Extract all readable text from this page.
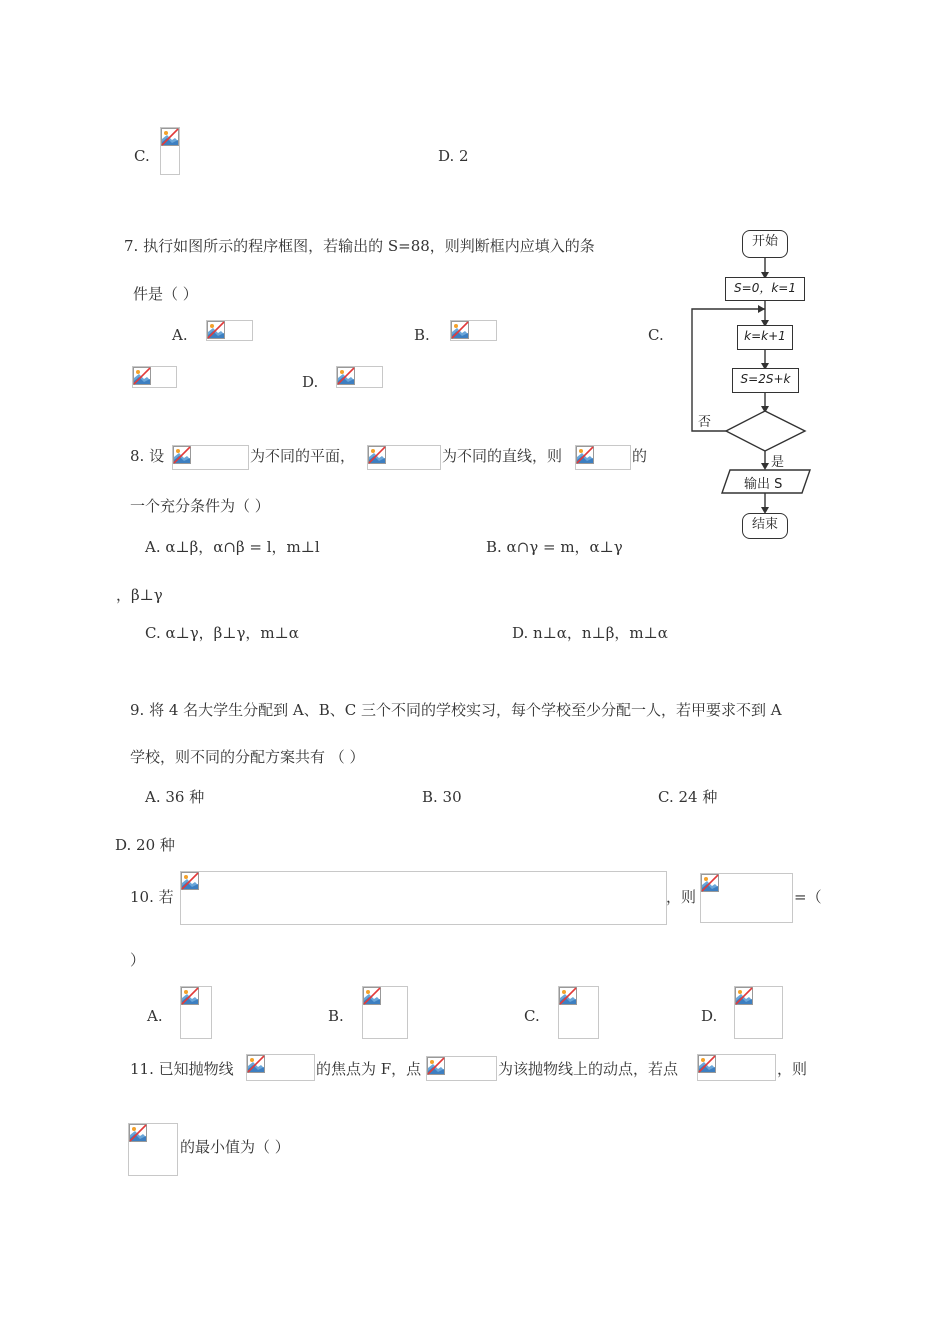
C.	D. 2
7. 执行如图所示的程序框图，若输出的 S=88，则判断框内应填入的条
件是（ ）
A.	B.	C.
D.
开始
S=0，k=1
k=k+1
S=2S+k
否
是
输出 S
结束
8. 设	为不同的平面，	为不同的直线，则	的
一个充分条件为（ ）
A. α⊥β，α∩β = l，m⊥l	B. α∩γ = m，α⊥γ
，β⊥γ
C. α⊥γ，β⊥γ，m⊥α	D. n⊥α，n⊥β，m⊥α
9. 将 4 名大学生分配到 A、B、C 三个不同的学校实习，每个学校至少分配一人，若甲要求不到 A
学校，则不同的分配方案共有 （ ）
A. 36 种	B. 30	C. 24 种
D. 20 种
10. 若	，则	=（
）
A.	B.	C.	D.
11. 已知抛物线	的焦点为 F，点	为该抛物线上的动点，若点	，则
的最小值为（ ）
